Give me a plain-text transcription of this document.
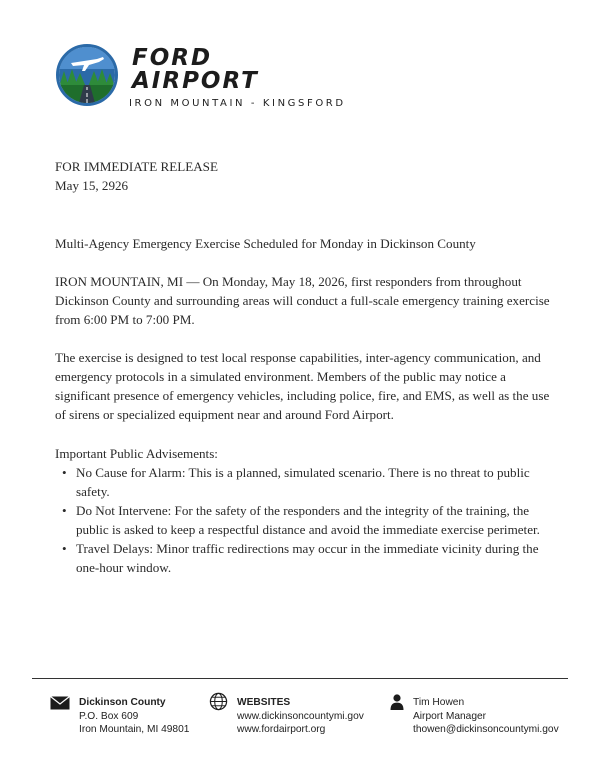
FORD
AIRPORT
IRON MOUNTAIN - KINGSFORD
FOR IMMEDIATE RELEASE
May 15, 2926
Multi-Agency Emergency Exercise Scheduled for Monday in Dickinson County
IRON MOUNTAIN, MI — On Monday, May 18, 2026, first responders from throughout Dickinson County and surrounding areas will conduct a full-scale emergency training exercise from 6:00 PM to 7:00 PM.
The exercise is designed to test local response capabilities, inter-agency communication, and emergency protocols in a simulated environment. Members of the public may notice a significant presence of emergency vehicles, including police, fire, and EMS, as well as the use of sirens or specialized equipment near and around Ford Airport.
Important Public Advisements:
• No Cause for Alarm: This is a planned, simulated scenario. There is no threat to public safety.
• Do Not Intervene: For the safety of the responders and the integrity of the training, the public is asked to keep a respectful distance and avoid the immediate exercise perimeter.
• Travel Delays: Minor traffic redirections may occur in the immediate vicinity during the one-hour window.
Dickinson County
P.O. Box 609
Iron Mountain, MI 49801
WEBSITES
www.dickinsoncountymi.gov
www.fordairport.org
Tim Howen
Airport Manager
thowen@dickinsoncountymi.gov
